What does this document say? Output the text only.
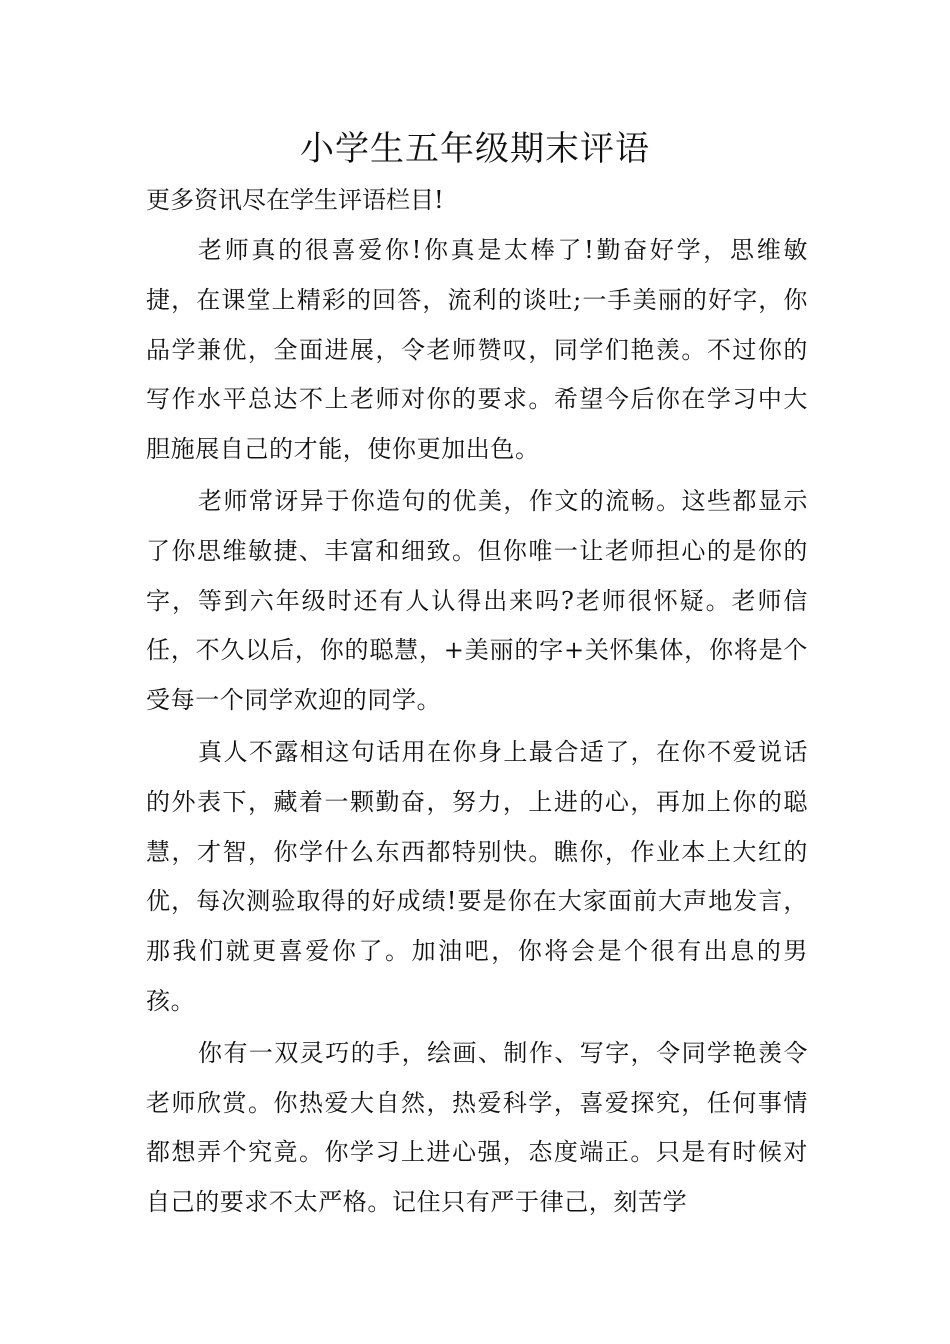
小学生五年级期末评语

更多资讯尽在学生评语栏目!

老师真的很喜爱你!你真是太棒了!勤奋好学，思维敏捷，在课堂上精彩的回答，流利的谈吐;一手美丽的好字，你品学兼优，全面进展，令老师赞叹，同学们艳羡。不过你的写作水平总达不上老师对你的要求。希望今后你在学习中大胆施展自己的才能，使你更加出色。

老师常讶异于你造句的优美，作文的流畅。这些都显示了你思维敏捷、丰富和细致。但你唯一让老师担心的是你的字，等到六年级时还有人认得出来吗?老师很怀疑。老师信任，不久以后，你的聪慧，+美丽的字+关怀集体，你将是个受每一个同学欢迎的同学。

真人不露相这句话用在你身上最合适了，在你不爱说话的外表下，藏着一颗勤奋，努力，上进的心，再加上你的聪慧，才智，你学什么东西都特别快。瞧你，作业本上大红的优，每次测验取得的好成绩!要是你在大家面前大声地发言，那我们就更喜爱你了。加油吧，你将会是个很有出息的男孩。

你有一双灵巧的手，绘画、制作、写字，令同学艳羡令老师欣赏。你热爱大自然，热爱科学，喜爱探究，任何事情都想弄个究竟。你学习上进心强，态度端正。只是有时候对自己的要求不太严格。记住只有严于律己，刻苦学
